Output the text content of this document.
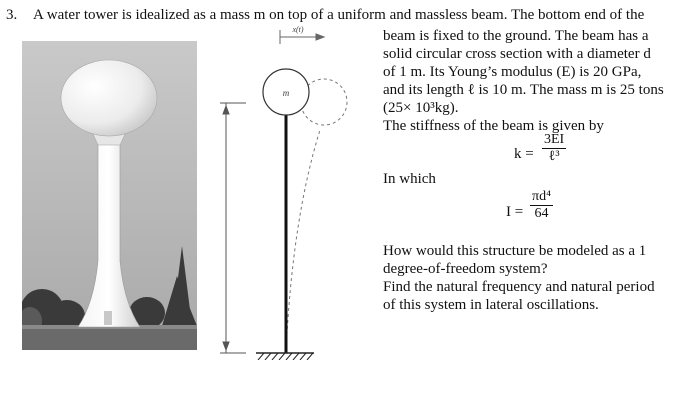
3. A water tower is idealized as a mass m on top of a uniform and massless beam. The bottom end of the
beam is fixed to the ground. The beam has a
solid circular cross section with a diameter d
of 1 m. Its Young’s modulus (E) is 20 GPa,
and its length ℓ is 10 m. The mass m is 25 tons
(25× 10³kg).
The stiffness of the beam is given by
k =
3EI
ℓ³
In which
$I = \frac{\text{πd⁴}}{64}$
How would this structure be modeled as a 1
degree-of-freedom system?
Find the natural frequency and natural period
of this system in lateral oscillations.
x(t)
m
